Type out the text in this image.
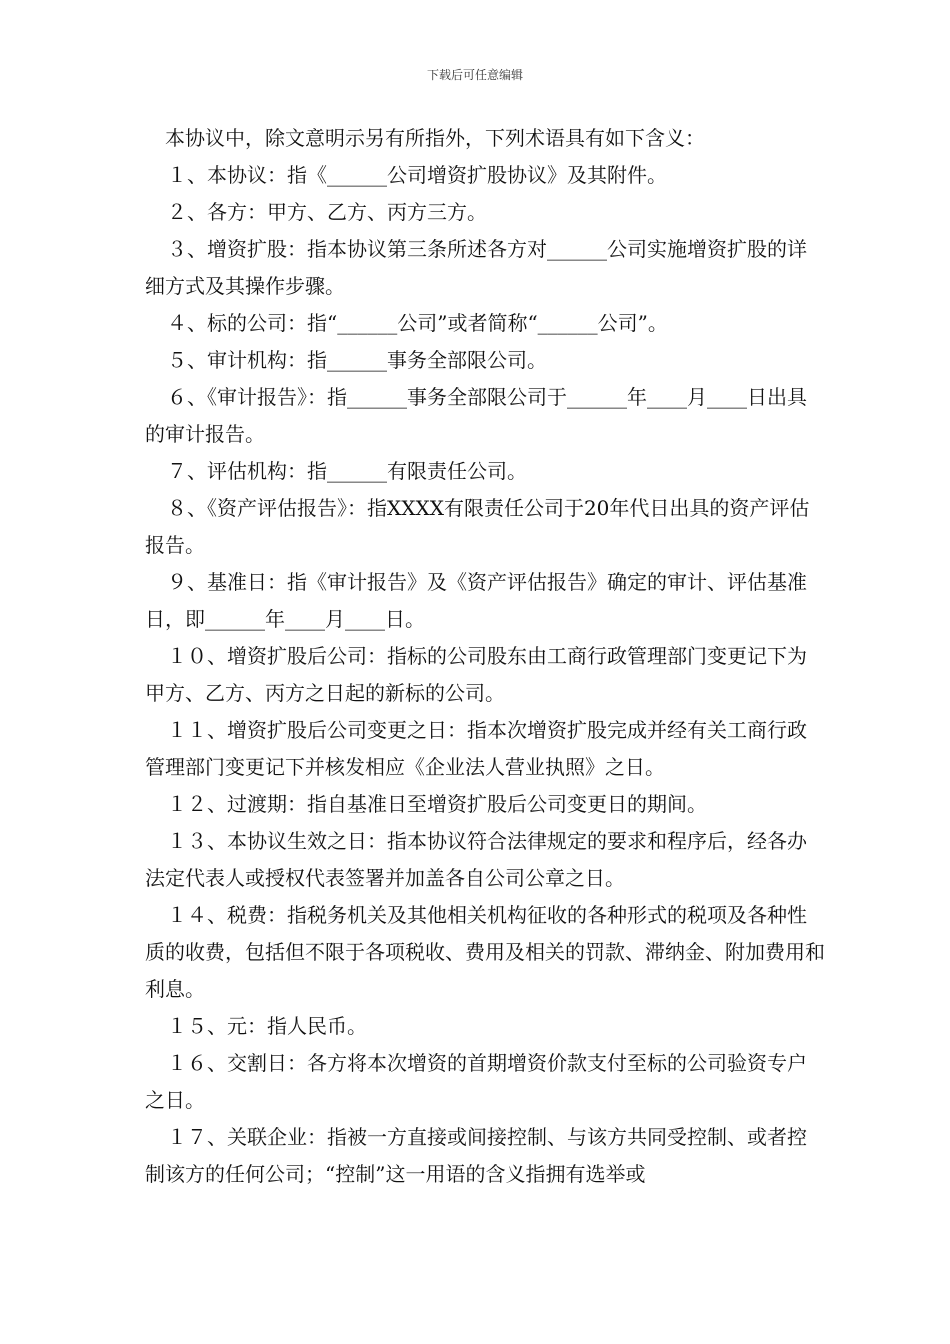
下载后可任意编辑

本协议中，除文意明示另有所指外，下列术语具有如下含义：

１、本协议：指《______公司增资扩股协议》及其附件。

２、各方：甲方、乙方、丙方三方。

３、增资扩股：指本协议第三条所述各方对______公司实施增资扩股的详细方式及其操作步骤。

４、标的公司：指“______公司”或者简称“______公司”。

５、审计机构：指______事务全部限公司。

６、《审计报告》：指______事务全部限公司于______年____月____日出具的审计报告。

７、评估机构：指______有限责任公司。

８、《资产评估报告》：指XXXX有限责任公司于20年代日出具的资产评估报告。

９、基准日：指《审计报告》及《资产评估报告》确定的审计、评估基准日，即______年____月____日。

１０、增资扩股后公司：指标的公司股东由工商行政管理部门变更记下为甲方、乙方、丙方之日起的新标的公司。

１１、增资扩股后公司变更之日：指本次增资扩股完成并经有关工商行政管理部门变更记下并核发相应《企业法人营业执照》之日。

１２、过渡期：指自基准日至增资扩股后公司变更日的期间。

１３、本协议生效之日：指本协议符合法律规定的要求和程序后，经各办法定代表人或授权代表签署并加盖各自公司公章之日。

１４、税费：指税务机关及其他相关机构征收的各种形式的税项及各种性质的收费，包括但不限于各项税收、费用及相关的罚款、滞纳金、附加费用和利息。

１５、元：指人民币。

１６、交割日：各方将本次增资的首期增资价款支付至标的公司验资专户之日。

１７、关联企业：指被一方直接或间接控制、与该方共同受控制、或者控制该方的任何公司；“控制”这一用语的含义指拥有选举或
